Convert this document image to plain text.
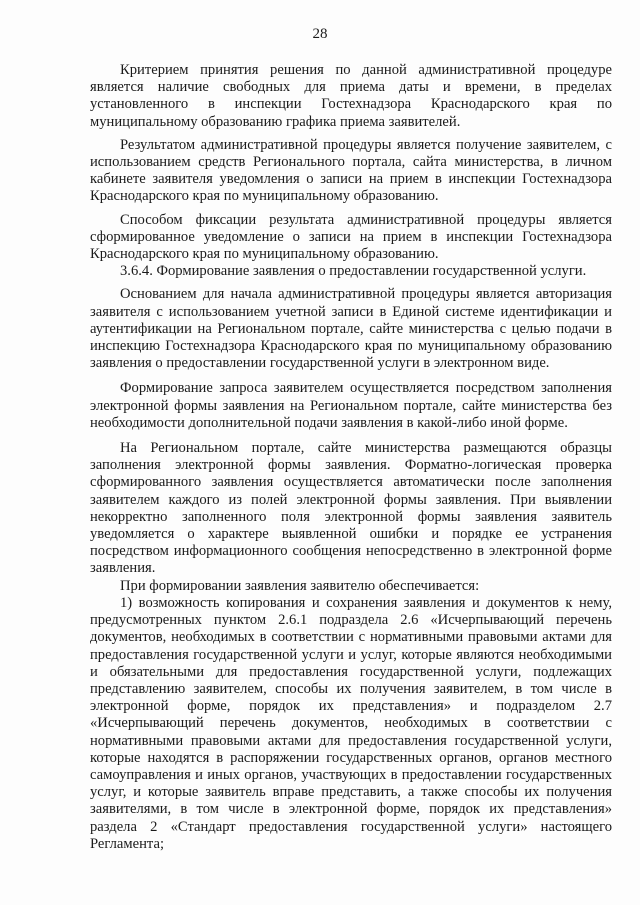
28

Критерием принятия решения по данной административной процедуре является наличие свободных для приема даты и времени, в пределах установленного в инспекции Гостехнадзора Краснодарского края по муниципальному образованию графика приема заявителей.

Результатом административной процедуры является получение заявителем, с использованием средств Регионального портала, сайта министерства, в личном кабинете заявителя уведомления о записи на прием в инспекции Гостехнадзора Краснодарского края по муниципальному образованию.

Способом фиксации результата административной процедуры является сформированное уведомление о записи на прием в инспекции Гостехнадзора Краснодарского края по муниципальному образованию.

3.6.4. Формирование заявления о предоставлении государственной услуги.

Основанием для начала административной процедуры является авторизация заявителя с использованием учетной записи в Единой системе идентификации и аутентификации на Региональном портале, сайте министерства с целью подачи в инспекцию Гостехнадзора Краснодарского края по муниципальному образованию заявления о предоставлении государственной услуги в электронном виде.

Формирование запроса заявителем осуществляется посредством заполнения электронной формы заявления на Региональном портале, сайте министерства без необходимости дополнительной подачи заявления в какой-либо иной форме.

На Региональном портале, сайте министерства размещаются образцы заполнения электронной формы заявления. Форматно-логическая проверка сформированного заявления осуществляется автоматически после заполнения заявителем каждого из полей электронной формы заявления. При выявлении некорректно заполненного поля электронной формы заявления заявитель уведомляется о характере выявленной ошибки и порядке ее устранения посредством информационного сообщения непосредственно в электронной форме заявления.

При формировании заявления заявителю обеспечивается:

1) возможность копирования и сохранения заявления и документов к нему, предусмотренных пунктом 2.6.1 подраздела 2.6 «Исчерпывающий перечень документов, необходимых в соответствии с нормативными правовыми актами для предоставления государственной услуги и услуг, которые являются необходимыми и обязательными для предоставления государственной услуги, подлежащих представлению заявителем, способы их получения заявителем, в том числе в электронной форме, порядок их представления» и подразделом 2.7 «Исчерпывающий перечень документов, необходимых в соответствии с нормативными правовыми актами для предоставления государственной услуги, которые находятся в распоряжении государственных органов, органов местного самоуправления и иных органов, участвующих в предоставлении государственных услуг, и которые заявитель вправе представить, а также способы их получения заявителями, в том числе в электронной форме, порядок их представления» раздела 2 «Стандарт предоставления государственной услуги» настоящего Регламента;
